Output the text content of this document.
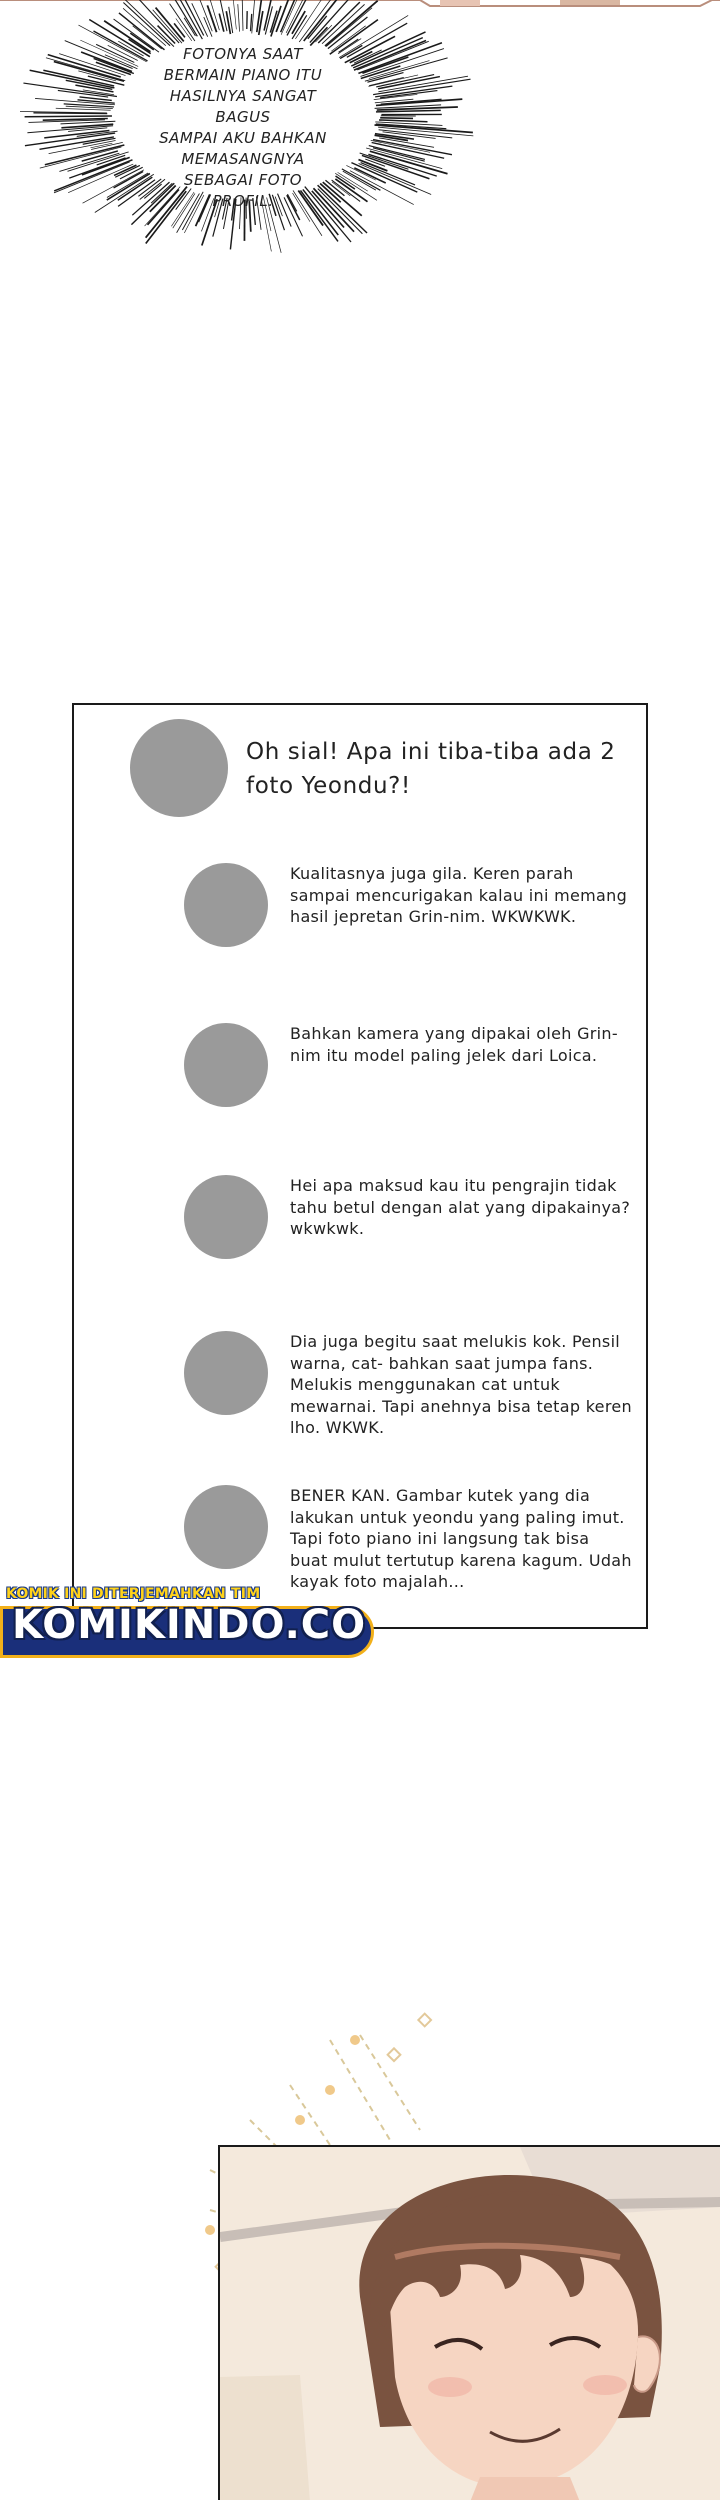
FOTONYA SAAT
BERMAIN PIANO ITU
HASILNYA SANGAT BAGUS
SAMPAI AKU BAHKAN
MEMASANGNYA
SEBAGAI FOTO
PROFIL.
Oh sial! Apa ini tiba-tiba ada 2 foto Yeondu?!
Kualitasnya juga gila. Keren parah sampai mencurigakan kalau ini memang hasil jepretan Grin-nim. WKWKWK.
Bahkan kamera yang dipakai oleh Grin-nim itu model paling jelek dari Loica.
Hei apa maksud kau itu pengrajin tidak tahu betul dengan alat yang dipakainya? wkwkwk.
Dia juga begitu saat melukis kok. Pensil warna, cat- bahkan saat jumpa fans. Melukis menggunakan cat untuk mewarnai. Tapi anehnya bisa tetap keren lho. WKWK.
BENER KAN. Gambar kutek yang dia lakukan untuk yeondu yang paling imut. Tapi foto piano ini langsung tak bisa buat mulut tertutup karena kagum. Udah kayak foto majalah...
KOMIK INI DITERJEMAHKAN TIM
KOMIKINDO.CO
